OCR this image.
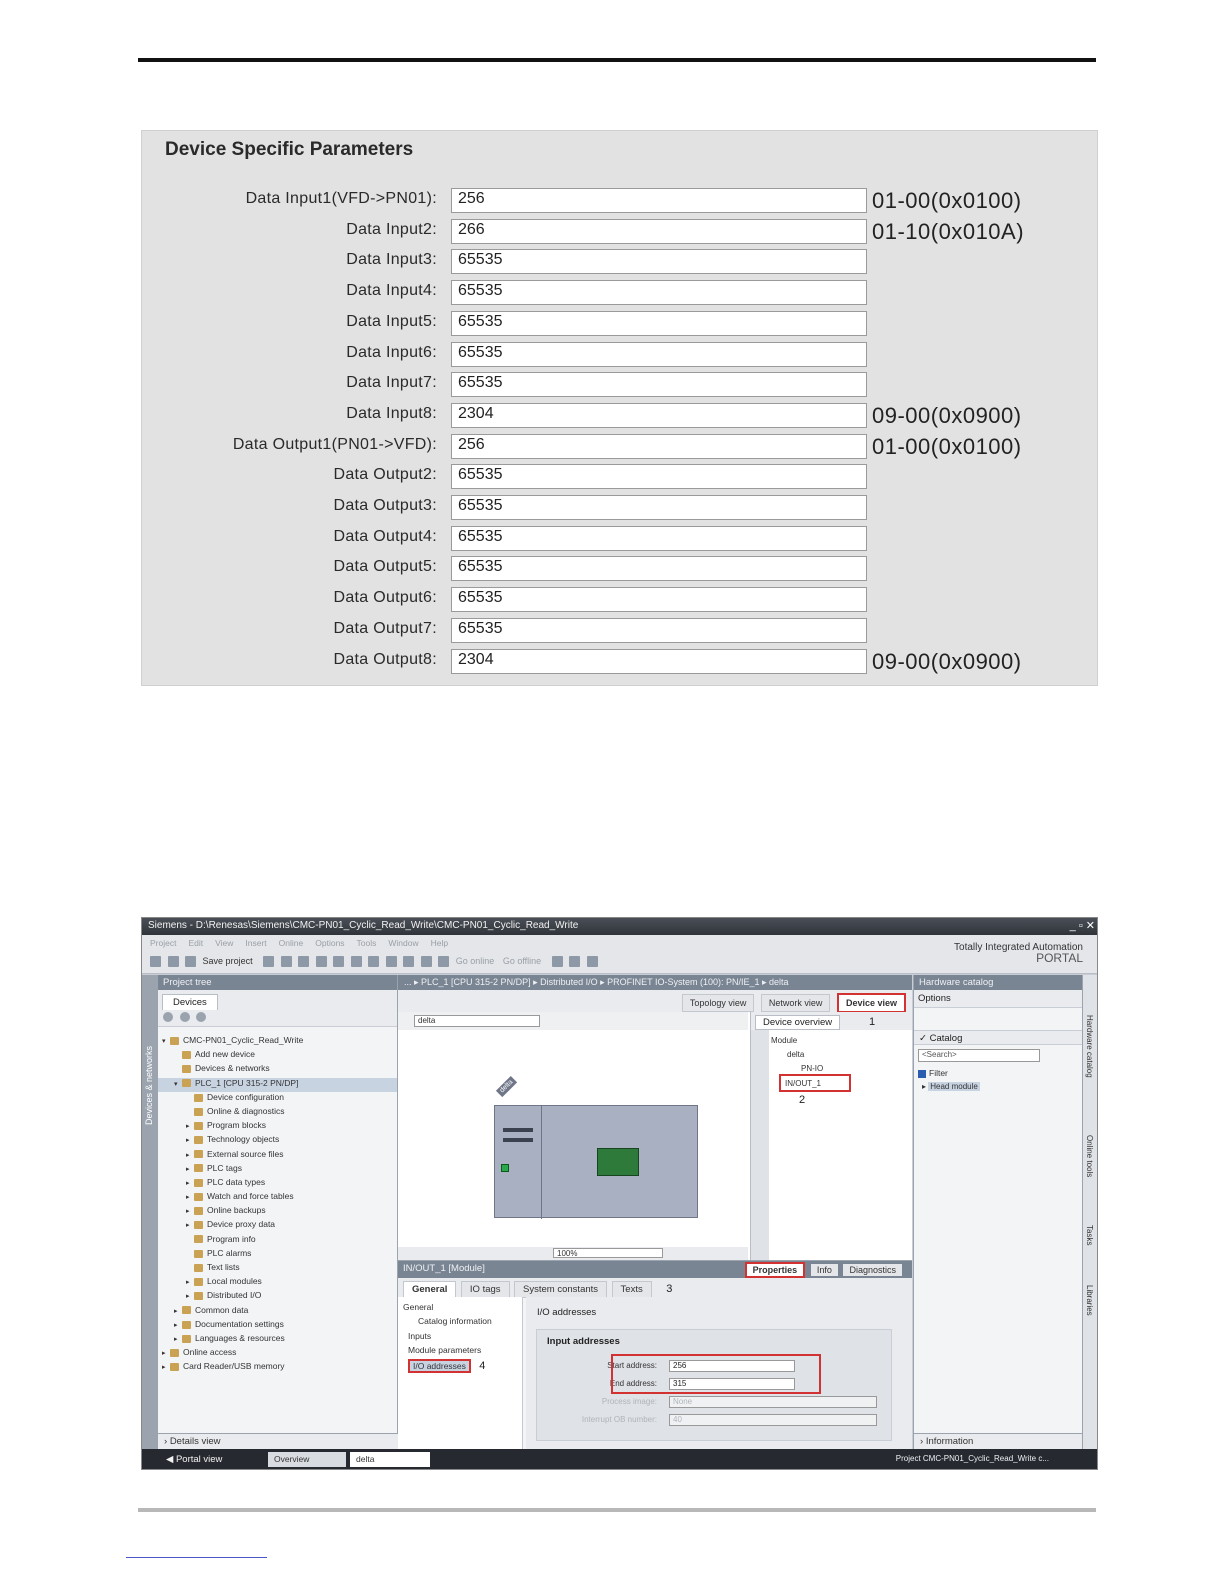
Device Specific Parameters
Data Input1(VFD->PN01):	256	01-00(0x0100)
Data Input2:	266	01-10(0x010A)
Data Input3:	65535
Data Input4:	65535
Data Input5:	65535
Data Input6:	65535
Data Input7:	65535
Data Input8:	2304	09-00(0x0900)
Data Output1(PN01->VFD):	256	01-00(0x0100)
Data Output2:	65535
Data Output3:	65535
Data Output4:	65535
Data Output5:	65535
Data Output6:	65535
Data Output7:	65535
Data Output8:	2304	09-00(0x0900)
Siemens - D:\Renesas\Siemens\CMC-PN01_Cyclic_Read_Write\CMC-PN01_Cyclic_Read_Write	_ ▫ ✕
Project Edit View Insert Online Options Tools Window Help
Save project	Go online Go offline
Totally Integrated Automation
PORTAL
Devices & networks
Project tree
Devices

▾ CMC-PN01_Cyclic_Read_Write
Add new device
Devices & networks
▾ PLC_1 [CPU 315-2 PN/DP]
Device configuration
Online & diagnostics
▸ Program blocks
▸ Technology objects
▸ External source files
▸ PLC tags
▸ PLC data types
▸ Watch and force tables
▸ Online backups
▸ Device proxy data
Program info
PLC alarms
Text lists
▸ Local modules
▸ Distributed I/O
▸ Common data
▸ Documentation settings
▸ Languages & resources
▸ Online access
▸ Card Reader/USB memory
› Details view
... ▸ PLC_1 [CPU 315-2 PN/DP] ▸ Distributed I/O ▸ PROFINET IO-System (100): PN/IE_1 ▸ delta
Topology view	Network view	Device view
delta
delta
100%
Device overview	1
Module
delta
PN-IO
IN/OUT_1
2
IN/OUT_1 [Module]	Properties Info Diagnostics
General IO tags System constants Texts 3
General
Catalog information
Inputs
Module parameters
I/O addresses 4
I/O addresses
Input addresses
Start address:	256
End address:	315
Process image:	None
Interrupt OB number:	40
Hardware catalog
Options
✓ Catalog
<Search>
Filter
▸ Head module
› Information
Hardware catalog
Online tools
Tasks
Libraries
◀ Portal view	Overview	delta	Project CMC-PN01_Cyclic_Read_Write c...
